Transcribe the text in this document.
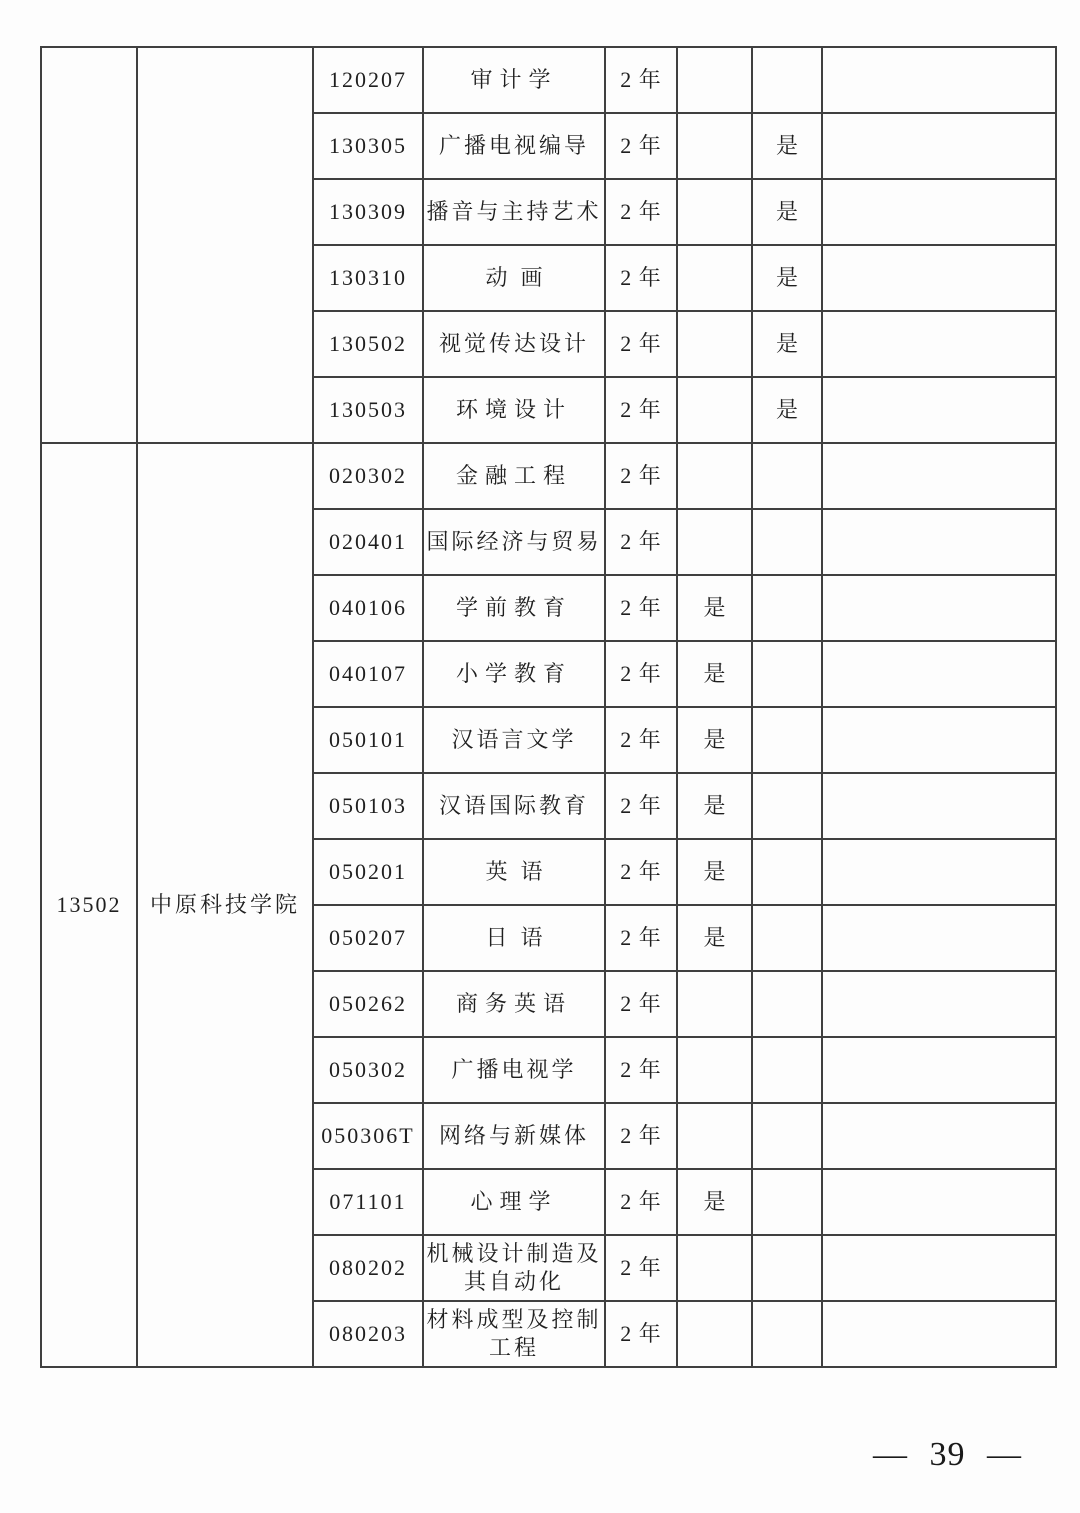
		120207	审计学	2 年			
		130305	广播电视编导	2 年		是	
		130309	播音与主持艺术	2 年		是	
		130310	动画	2 年		是	
		130502	视觉传达设计	2 年		是	
		130503	环境设计	2 年		是	
13502	中原科技学院	020302	金融工程	2 年			
		020401	国际经济与贸易	2 年			
		040106	学前教育	2 年	是		
		040107	小学教育	2 年	是		
		050101	汉语言文学	2 年	是		
		050103	汉语国际教育	2 年	是		
		050201	英语	2 年	是		
		050207	日语	2 年	是		
		050262	商务英语	2 年			
		050302	广播电视学	2 年			
		050306T	网络与新媒体	2 年			
		071101	心理学	2 年	是		
		080202	机械设计制造及其自动化	2 年			
		080203	材料成型及控制工程	2 年			
— 39 —
